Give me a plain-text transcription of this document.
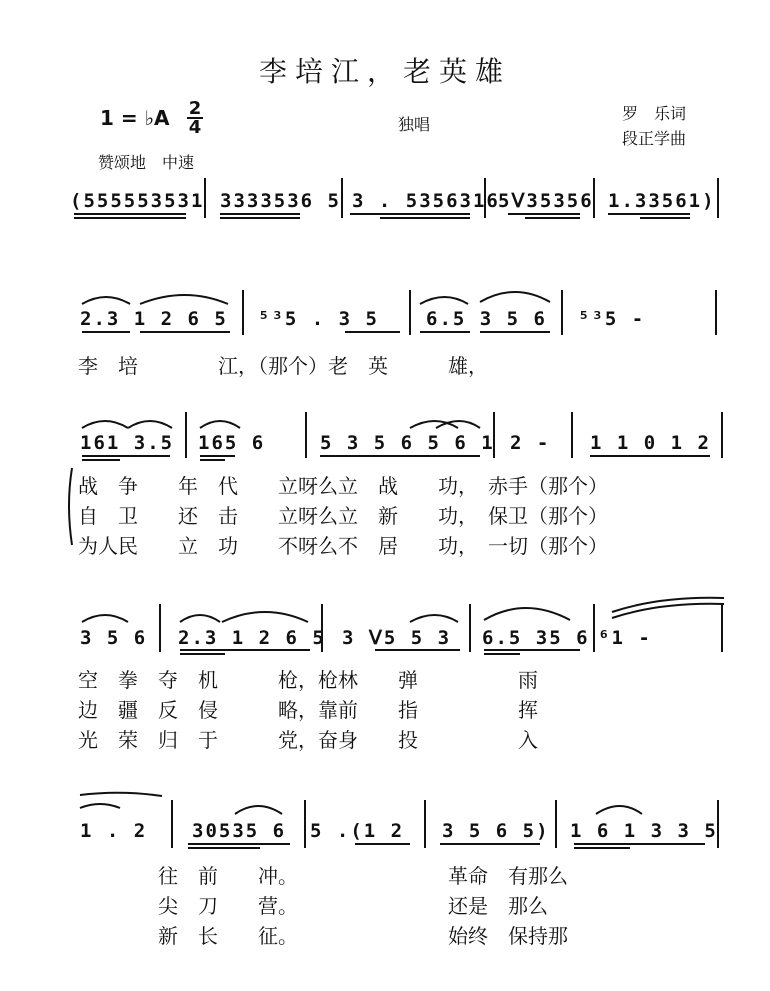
李培江，老英雄
1 = ♭A 2
4	独唱
罗　乐词
段正学曲
赞颂地　中速
(555553531 3333536 5 3 . 5356316
5ᐯ35356 1.33561)
2.3 1 2 6 5 ⁵³5 . 3 5 6.5 3 5 6 ⁵³5 -
李　培　　　　江，（那个）老　英　　　雄，
161 3.5 165 6	5 3 5 6 5 6 1 2 - 1 1 0 1 2
战　争　　年　代　　立呀么立　战　　功，　赤手（那个）
自　卫　　还　击　　立呀么立　新　　功，　保卫（那个）
为人民　　立　功　　不呀么不　居　　功，　一切（那个）
3 5 6 2.3 1 2 6 5 3 ᐯ5 5 3 6.5 35 6 ⁶1 -
空　拳　夺　机　　　枪，枪林　　弹　　　　　雨
边　疆　反　侵　　　略，靠前　　指　　　　　挥
光　荣　归　于　　　党，奋身　　投　　　　　入
1 . 2 30535 6 5 .(1 2 3 5 6 5) 1 6 1 3 3 5
　　　　往　前　　冲。　　　　　　　　革命　有那么
　　　　尖　刀　　营。　　　　　　　　还是　那么
　　　　新　长　　征。　　　　　　　　始终　保持那
